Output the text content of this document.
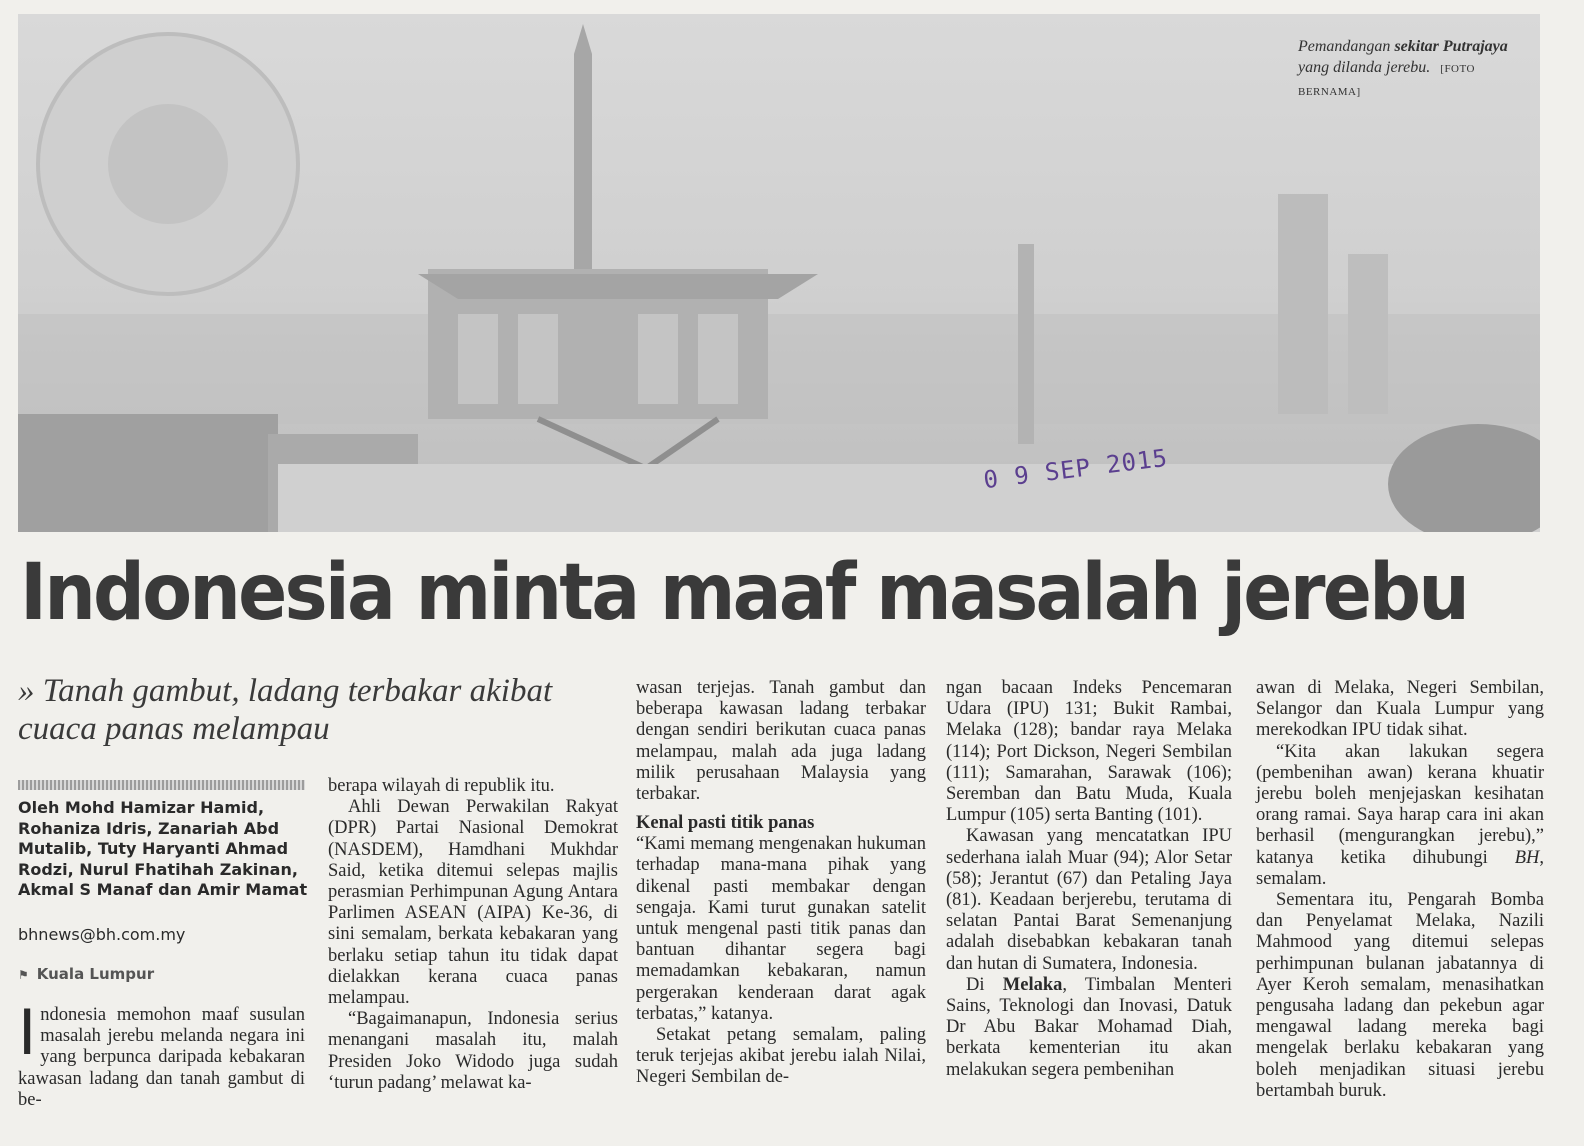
Pemandangan sekitar Putrajaya yang dilanda jerebu. [FOTO BERNAMA]
0 9 SEP 2015
Indonesia minta maaf masalah jerebu
» Tanah gambut, ladang terbakar akibat cuaca panas melampau
Oleh Mohd Hamizar Hamid, Rohaniza Idris, Zanariah Abd Mutalib, Tuty Haryanti Ahmad Rodzi, Nurul Fhatihah Zakinan, Akmal S Manaf dan Amir Mamat
bhnews@bh.com.my
⚑ Kuala Lumpur

Indonesia memohon maaf susulan masalah jerebu melanda negara ini yang berpunca daripada kebakaran kawasan ladang dan tanah gambut di be-

berapa wilayah di republik itu.

Ahli Dewan Perwakilan Rakyat (DPR) Partai Nasional Demokrat (NASDEM), Hamdhani Mukhdar Said, ketika ditemui selepas majlis perasmian Perhimpunan Agung Antara Parlimen ASEAN (AIPA) Ke-36, di sini semalam, berkata kebakaran yang berlaku setiap tahun itu tidak dapat dielakkan kerana cuaca panas melampau.

“Bagaimanapun, Indonesia serius menangani masalah itu, malah Presiden Joko Widodo juga sudah ‘turun padang’ melawat ka-

wasan terjejas. Tanah gambut dan beberapa kawasan ladang terbakar dengan sendiri berikutan cuaca panas melampau, malah ada juga ladang milik perusahaan Malaysia yang terbakar.

Kenal pasti titik panas

“Kami memang mengenakan hukuman terhadap mana-mana pihak yang dikenal pasti membakar dengan sengaja. Kami turut gunakan satelit untuk mengenal pasti titik panas dan bantuan dihantar segera bagi memadamkan kebakaran, namun pergerakan kenderaan darat agak terbatas,” katanya.

Setakat petang semalam, paling teruk terjejas akibat jerebu ialah Nilai, Negeri Sembilan de-

ngan bacaan Indeks Pencemaran Udara (IPU) 131; Bukit Rambai, Melaka (128); bandar raya Melaka (114); Port Dickson, Negeri Sembilan (111); Samarahan, Sarawak (106); Seremban dan Batu Muda, Kuala Lumpur (105) serta Banting (101).

Kawasan yang mencatatkan IPU sederhana ialah Muar (94); Alor Setar (58); Jerantut (67) dan Petaling Jaya (81). Keadaan berjerebu, terutama di selatan Pantai Barat Semenanjung adalah disebabkan kebakaran tanah dan hutan di Sumatera, Indonesia.

Di Melaka, Timbalan Menteri Sains, Teknologi dan Inovasi, Datuk Dr Abu Bakar Mohamad Diah, berkata kementerian itu akan melakukan segera pembenihan

awan di Melaka, Negeri Sembilan, Selangor dan Kuala Lumpur yang merekodkan IPU tidak sihat.

“Kita akan lakukan segera (pembenihan awan) kerana khuatir jerebu boleh menjejaskan kesihatan orang ramai. Saya harap cara ini akan berhasil (mengurangkan jerebu),” katanya ketika dihubungi BH, semalam.

Sementara itu, Pengarah Bomba dan Penyelamat Melaka, Nazili Mahmood yang ditemui selepas perhimpunan bulanan jabatannya di Ayer Keroh semalam, menasihatkan pengusaha ladang dan pekebun agar mengawal ladang mereka bagi mengelak berlaku kebakaran yang boleh menjadikan situasi jerebu bertambah buruk.
